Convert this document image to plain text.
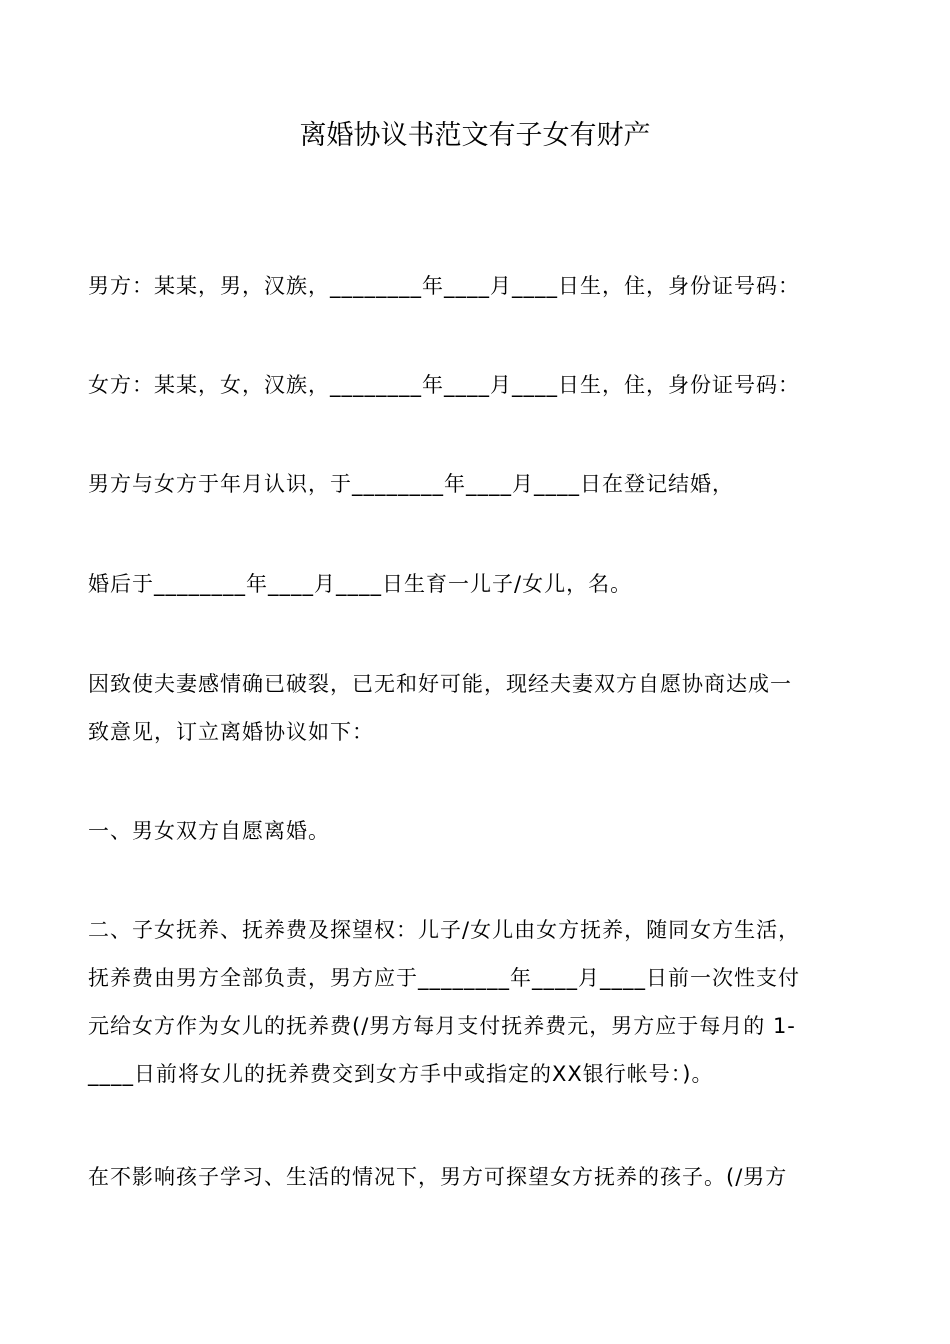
离婚协议书范文有子女有财产
男方：某某，男，汉族，________年____月____日生，住，身份证号码：
女方：某某，女，汉族，________年____月____日生，住，身份证号码：
男方与女方于年月认识，于________年____月____日在登记结婚，
婚后于________年____月____日生育一儿子/女儿，名。
因致使夫妻感情确已破裂，已无和好可能，现经夫妻双方自愿协商达成一
致意见，订立离婚协议如下：
一、男女双方自愿离婚。
二、子女抚养、抚养费及探望权：儿子/女儿由女方抚养，随同女方生活，
抚养费由男方全部负责，男方应于________年____月____日前一次性支付
元给女方作为女儿的抚养费(/男方每月支付抚养费元，男方应于每月的 1-
____日前将女儿的抚养费交到女方手中或指定的XX银行帐号：)。
在不影响孩子学习、生活的情况下，男方可探望女方抚养的孩子。(/男方
